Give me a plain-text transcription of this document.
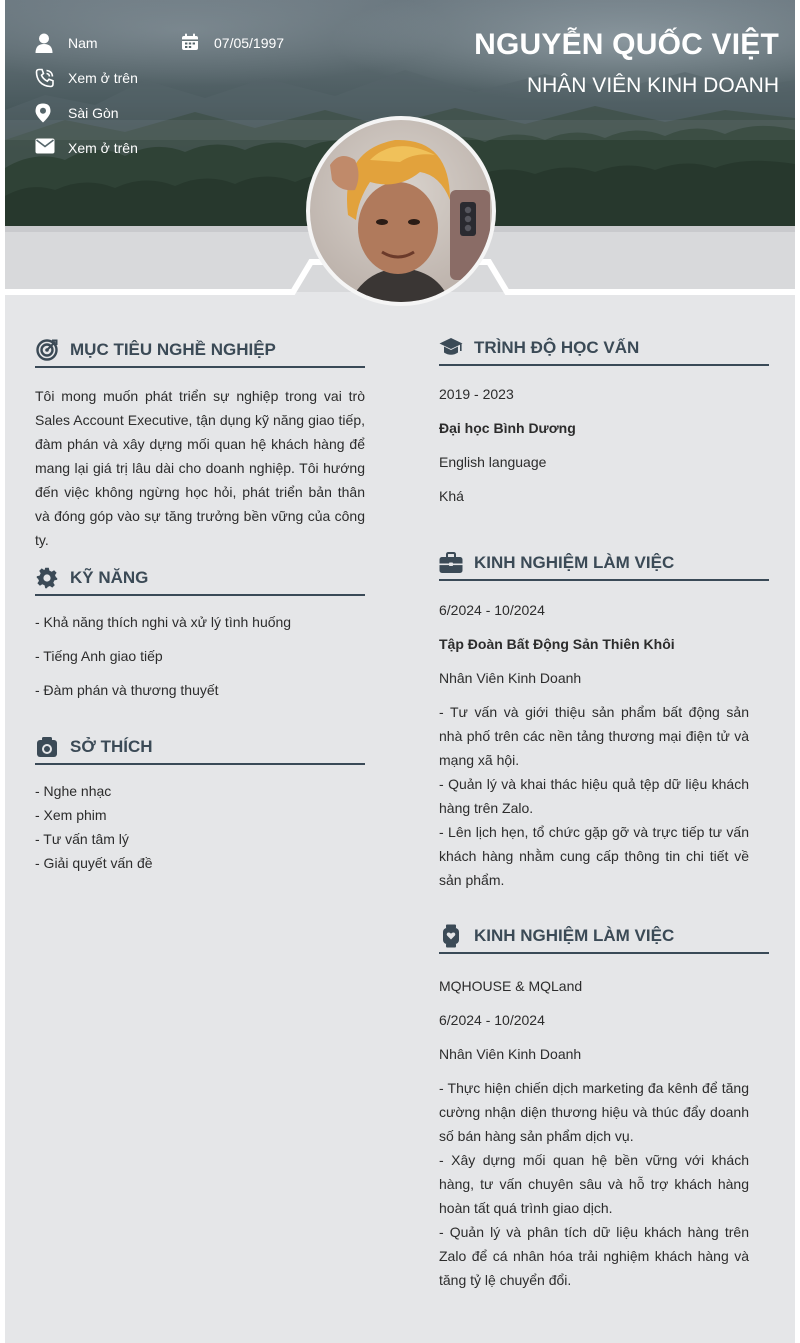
Nam	07/05/1997
Xem ở trên
Sài Gòn
Xem ở trên
NGUYỄN QUỐC VIỆT
NHÂN VIÊN KINH DOANH
MỤC TIÊU NGHỀ NGHIỆP
Tôi mong muốn phát triển sự nghiệp trong vai trò Sales Account Executive, tận dụng kỹ năng giao tiếp, đàm phán và xây dựng mối quan hệ khách hàng để mang lại giá trị lâu dài cho doanh nghiệp. Tôi hướng đến việc không ngừng học hỏi, phát triển bản thân và đóng góp vào sự tăng trưởng bền vững của công ty.
KỸ NĂNG
- Khả năng thích nghi và xử lý tình huống
- Tiếng Anh giao tiếp
- Đàm phán và thương thuyết
SỞ THÍCH
- Nghe nhạc
- Xem phim
- Tư vấn tâm lý
- Giải quyết vấn đề
TRÌNH ĐỘ HỌC VẤN
2019 - 2023
Đại học Bình Dương
English language
Khá
KINH NGHIỆM LÀM VIỆC
6/2024 - 10/2024
Tập Đoàn Bất Động Sản Thiên Khôi
Nhân Viên Kinh Doanh
- Tư vấn và giới thiệu sản phẩm bất động sản nhà phố trên các nền tảng thương mại điện tử và mạng xã hội.
- Quản lý và khai thác hiệu quả tệp dữ liệu khách hàng trên Zalo.
- Lên lịch hẹn, tổ chức gặp gỡ và trực tiếp tư vấn khách hàng nhằm cung cấp thông tin chi tiết về sản phẩm.
KINH NGHIỆM LÀM VIỆC
MQHOUSE & MQLand
6/2024 - 10/2024
Nhân Viên Kinh Doanh
- Thực hiện chiến dịch marketing đa kênh để tăng cường nhận diện thương hiệu và thúc đẩy doanh số bán hàng sản phẩm dịch vụ.
- Xây dựng mối quan hệ bền vững với khách hàng, tư vấn chuyên sâu và hỗ trợ khách hàng hoàn tất quá trình giao dịch.
- Quản lý và phân tích dữ liệu khách hàng trên Zalo để cá nhân hóa trải nghiệm khách hàng và tăng tỷ lệ chuyển đổi.
